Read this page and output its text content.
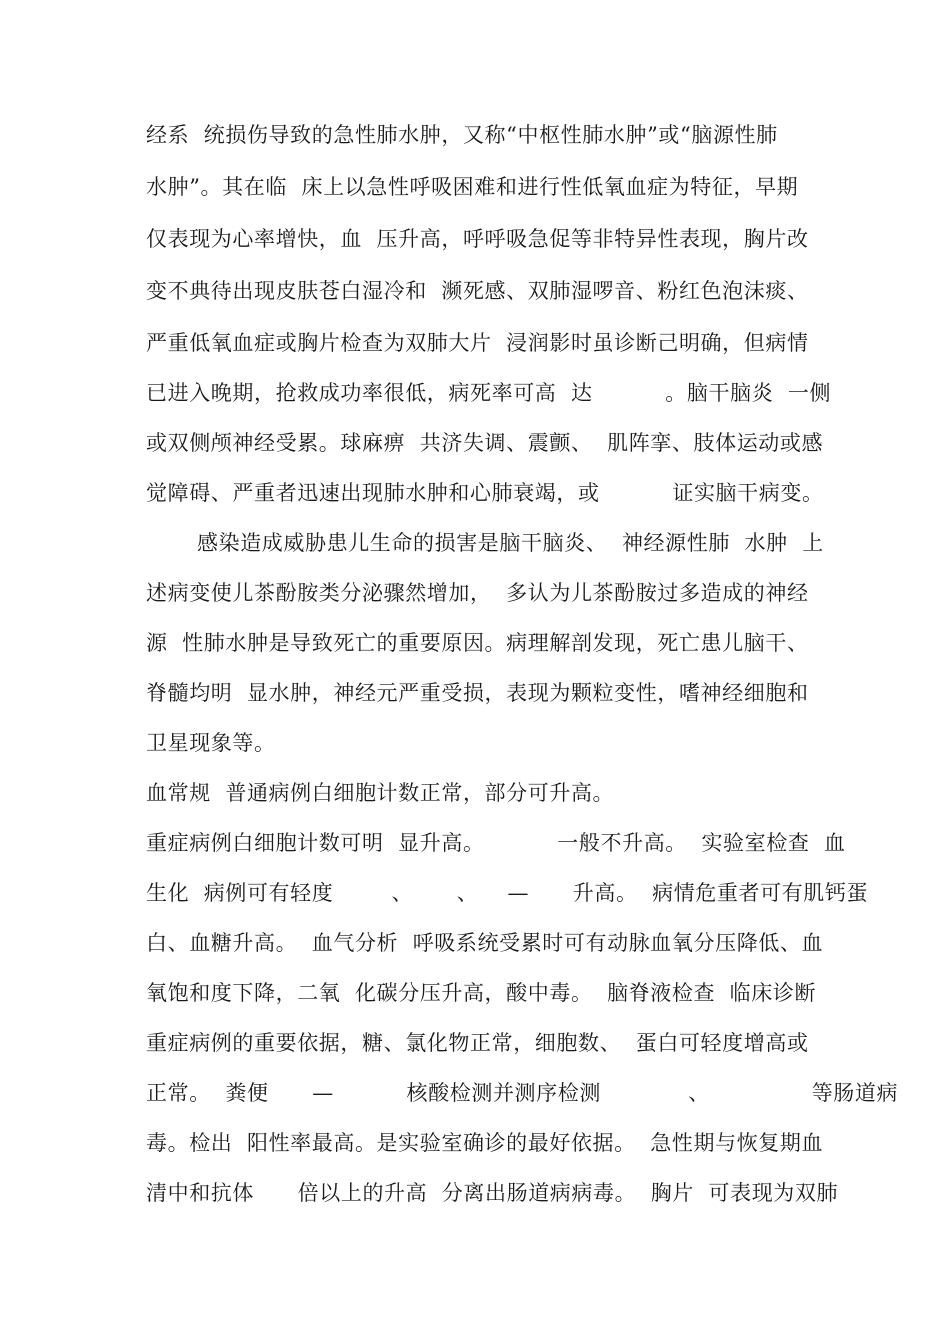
经系  统损伤导致的急性肺水肿，又称“中枢性肺水肿”或“脑源性肺
水肿”。其在临  床上以急性呼吸困难和进行性低氧血症为特征，早期
仅表现为心率增快，血  压升高，呼呼吸急促等非特异性表现，胸片改
变不典待出现皮肤苍白湿冷和  濒死感、双肺湿啰音、粉红色泡沫痰、
严重低氧血症或胸片检查为双肺大片  浸润影时虽诊断己明确，但病情
已进入晚期，抢救成功率很低，病死率可高  达          。脑干脑炎  一侧
或双侧颅神经受累。球麻痹  共济失调、震颤、  肌阵挛、肢体运动或感
觉障碍、严重者迅速出现肺水肿和心肺衰竭，或          证实脑干病变。
感染造成威胁患儿生命的损害是脑干脑炎、  神经源性肺  水肿  上
述病变使儿茶酚胺类分泌骤然增加，  多认为儿茶酚胺过多造成的神经
源  性肺水肿是导致死亡的重要原因。病理解剖发现，死亡患儿脑干、
脊髓均明  显水肿，神经元严重受损，表现为颗粒变性，嗜神经细胞和
卫星现象等。
血常规  普通病例白细胞计数正常，部分可升高。
重症病例白细胞计数可明  显升高。          一般不升高。  实验室检查  血
生化  病例可有轻度        、      、    —      升高。  病情危重者可有肌钙蛋
白、血糖升高。  血气分析  呼吸系统受累时可有动脉血氧分压降低、血
氧饱和度下降，二氧  化碳分压升高，酸中毒。  脑脊液检查  临床诊断
重症病例的重要依据，糖、氯化物正常，细胞数、  蛋白可轻度增高或
正常。  粪便      —          核酸检测并测序检测            、              等肠道病
毒。检出  阳性率最高。是实验室确诊的最好依据。  急性期与恢复期血
清中和抗体      倍以上的升高  分离出肠道病病毒。  胸片  可表现为双肺
